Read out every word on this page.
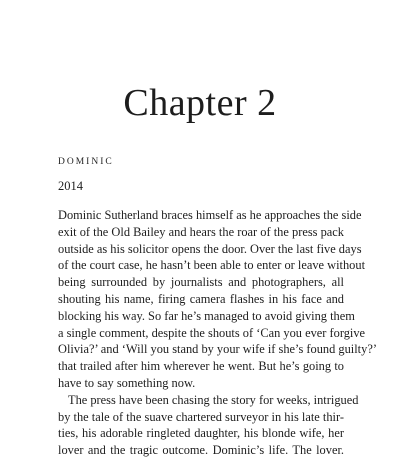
Chapter 2
DOMINIC
2014

Dominic Sutherland braces himself as he approaches the side
exit of the Old Bailey and hears the roar of the press pack
outside as his solicitor opens the door. Over the last five days
of the court case, he hasn’t been able to enter or leave without
being surrounded by journalists and photographers, all
shouting his name, firing camera flashes in his face and
blocking his way. So far he’s managed to avoid giving them
a single comment, despite the shouts of ‘Can you ever forgive
Olivia?’ and ‘Will you stand by your wife if she’s found guilty?’
that trailed after him wherever he went. But he’s going to
have to say something now.

The press have been chasing the story for weeks, intrigued
by the tale of the suave chartered surveyor in his late thir-
ties, his adorable ringleted daughter, his blonde wife, her
lover and the tragic outcome. Dominic’s life. The lover.
